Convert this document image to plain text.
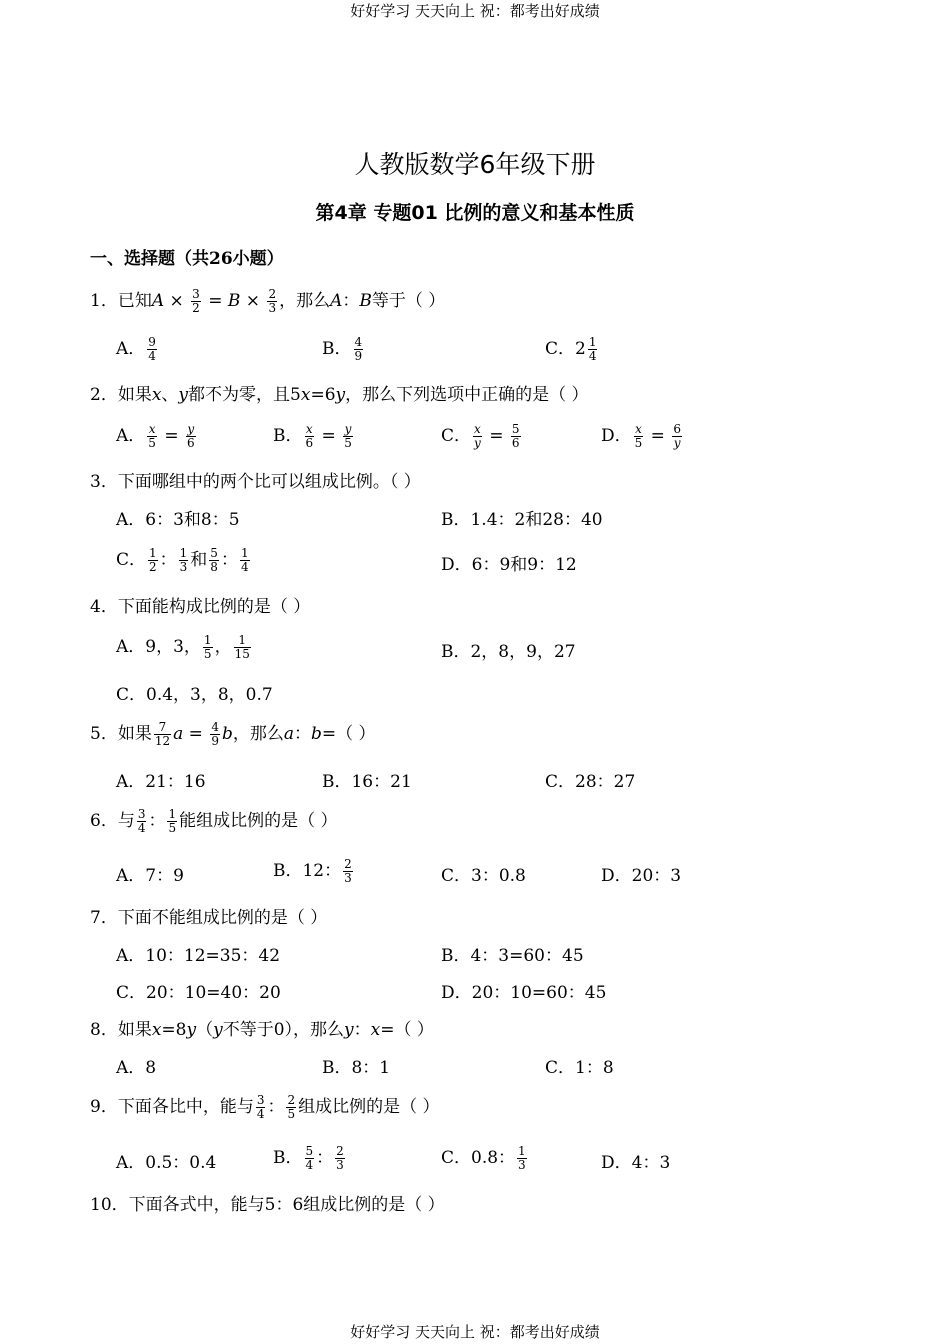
好好学习 天天向上 祝：都考出好成绩
好好学习 天天向上 祝：都考出好成绩
人教版数学6年级下册
第4章 专题01 比例的意义和基本性质
一、选择题（共26小题）
1．已知$A \times \frac{3}{2} = B \times \frac{2}{3}$ ，那么A：B等于（ ）
A． $\frac{9}{4}$	B． $\frac{4}{9}$	C．$2 \frac{1}{4}$
2．如果x、y都不为零，且5x=6y，那么下列选项中正确的是（ ）
A． $\frac{x}{5} = \frac{y}{6}$	B． $\frac{x}{6} = \frac{y}{5}$	C． $\frac{x}{y} = \frac{5}{6}$	D． $\frac{x}{5} = \frac{6}{y}$
3．下面哪组中的两个比可以组成比例。（ ）
A．6：3和8：5	B．1.4：2和28：40
C． $\frac{1}{2}$ ： $\frac{1}{3}$ 和 $\frac{5}{8}$ ： $\frac{1}{4}$	D．6：9和9：12
4．下面能构成比例的是（ ）
A．9，3， $\frac{1}{5}$ ， $\frac{1}{15}$	B．2，8，9，27
C．0.4，3，8，0.7
5．如果 $\frac{7}{12}$ $a = \frac{4}{9}$ b，那么a：b=（ ）
A．21：16	B．16：21	C．28：27
6．与 $\frac{3}{4}$ ： $\frac{1}{5}$ 能组成比例的是（ ）
A．7：9	B．12： $\frac{2}{3}$	C．3：0.8	D．20：3
7．下面不能组成比例的是（ ）
A．10：12=35：42	B．4：3=60：45
C．20：10=40：20	D．20：10=60：45
8．如果x=8y（y不等于0），那么y：x=（ ）
A．8	B．8：1	C．1：8
9．下面各比中，能与 $\frac{3}{4}$ ： $\frac{2}{5}$ 组成比例的是（ ）
A．0.5：0.4	B． $\frac{5}{4}$ ： $\frac{2}{3}$	C．0.8： $\frac{1}{3}$	D．4：3
10．下面各式中，能与5：6组成比例的是（ ）
